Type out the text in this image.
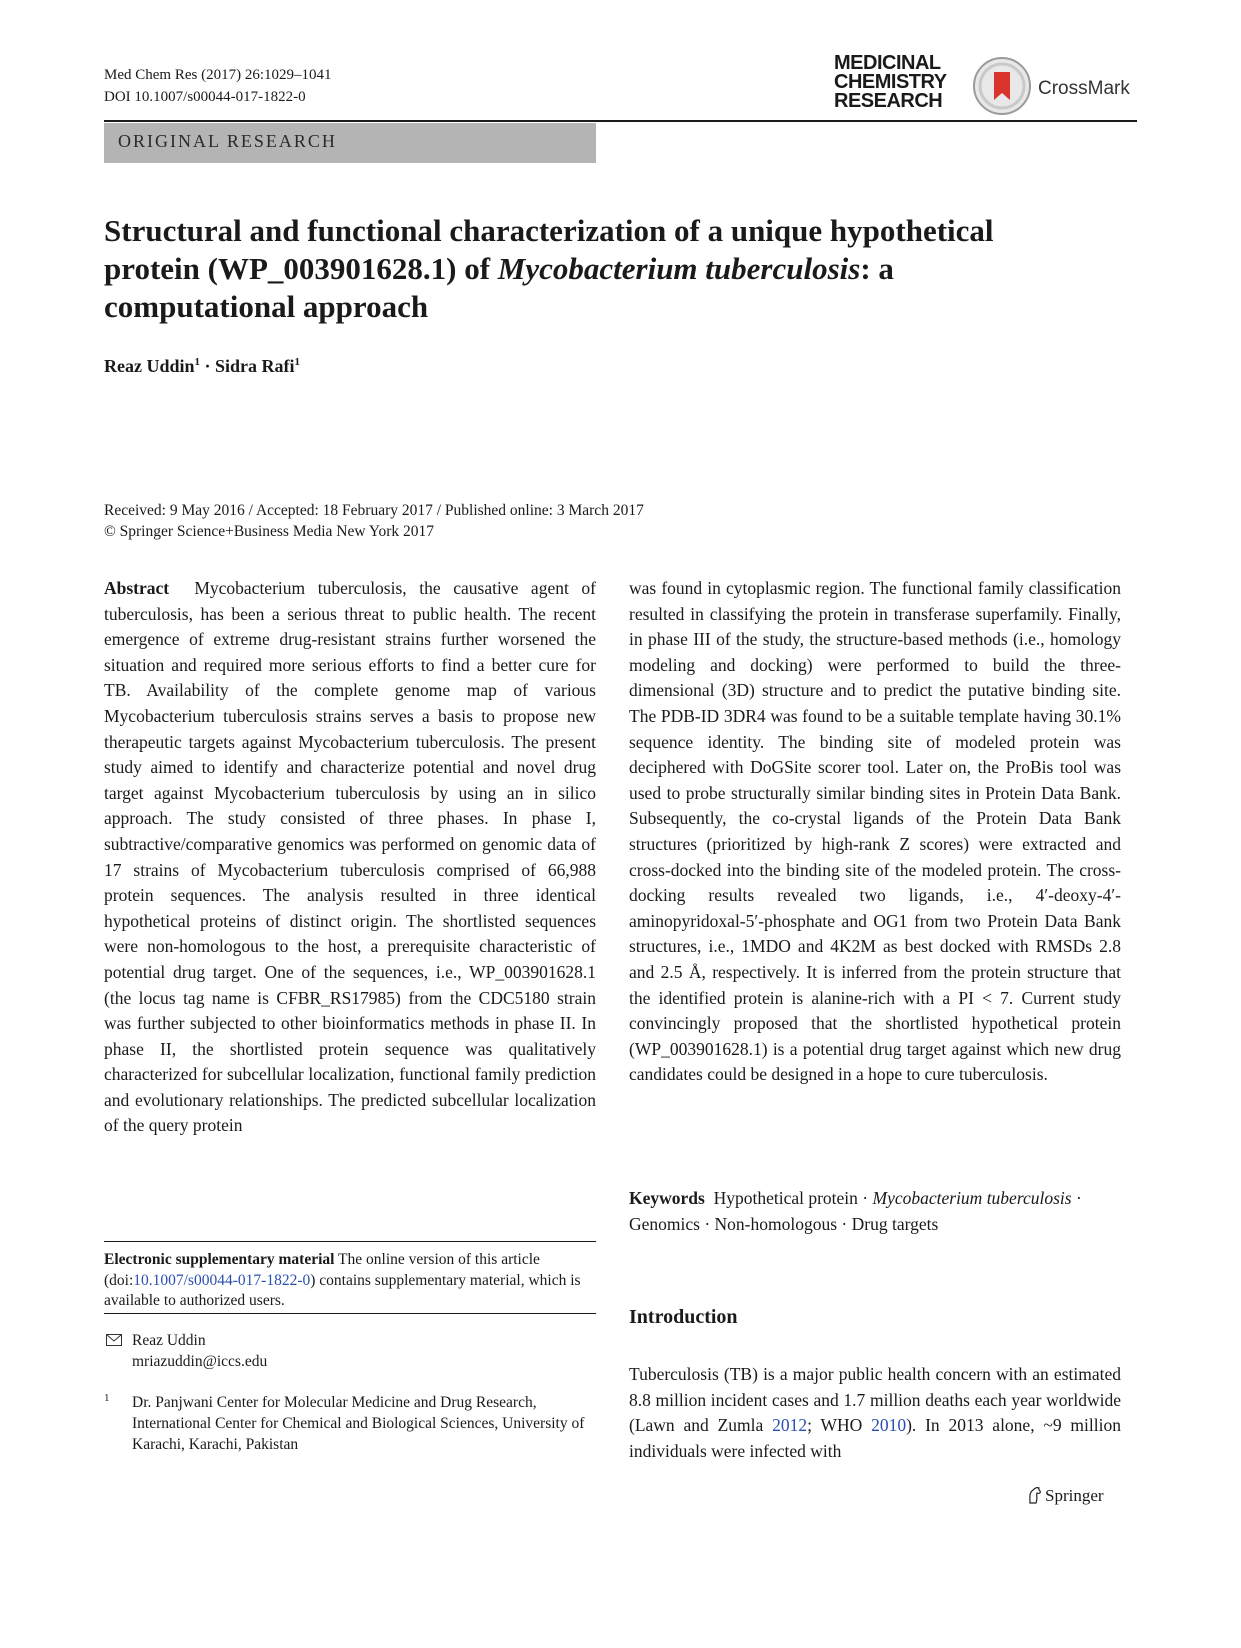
Med Chem Res (2017) 26:1029–1041
DOI 10.1007/s00044-017-1822-0
MEDICINAL
CHEMISTRY
RESEARCH
CrossMark
ORIGINAL RESEARCH
Structural and functional characterization of a unique hypothetical protein (WP_003901628.1) of Mycobacterium tuberculosis: a computational approach
Reaz Uddin$^1$ · Sidra Rafi$^1$
Received: 9 May 2016 / Accepted: 18 February 2017 / Published online: 3 March 2017
© Springer Science+Business Media New York 2017

Abstract Mycobacterium tuberculosis, the causative agent of tuberculosis, has been a serious threat to public health. The recent emergence of extreme drug-resistant strains further worsened the situation and required more serious efforts to find a better cure for TB. Availability of the complete genome map of various Mycobacterium tuberculosis strains serves a basis to propose new therapeutic targets against Mycobacterium tuberculosis. The present study aimed to identify and characterize potential and novel drug target against Mycobacterium tuberculosis by using an in silico approach. The study consisted of three phases. In phase I, subtractive/comparative genomics was performed on genomic data of 17 strains of Mycobacterium tuberculosis comprised of 66,988 protein sequences. The analysis resulted in three identical hypothetical proteins of distinct origin. The shortlisted sequences were non-homologous to the host, a prerequisite characteristic of potential drug target. One of the sequences, i.e., WP_003901628.1 (the locus tag name is CFBR_RS17985) from the CDC5180 strain was further subjected to other bioinformatics methods in phase II. In phase II, the shortlisted protein sequence was qualitatively characterized for subcellular localization, functional family prediction and evolutionary relationships. The predicted subcellular localization of the query protein

was found in cytoplasmic region. The functional family classification resulted in classifying the protein in transferase superfamily. Finally, in phase III of the study, the structure-based methods (i.e., homology modeling and docking) were performed to build the three-dimensional (3D) structure and to predict the putative binding site. The PDB-ID 3DR4 was found to be a suitable template having 30.1% sequence identity. The binding site of modeled protein was deciphered with DoGSite scorer tool. Later on, the ProBis tool was used to probe structurally similar binding sites in Protein Data Bank. Subsequently, the co-crystal ligands of the Protein Data Bank structures (prioritized by high-rank Z scores) were extracted and cross-docked into the binding site of the modeled protein. The cross-docking results revealed two ligands, i.e., 4′-deoxy-4′-aminopyridoxal-5′-phosphate and OG1 from two Protein Data Bank structures, i.e., 1MDO and 4K2M as best docked with RMSDs 2.8 and 2.5 Å, respectively. It is inferred from the protein structure that the identified protein is alanine-rich with a PI < 7. Current study convincingly proposed that the shortlisted hypothetical protein (WP_003901628.1) is a potential drug target against which new drug candidates could be designed in a hope to cure tuberculosis.

Keywords Hypothetical protein · Mycobacterium tuberculosis · Genomics · Non-homologous · Drug targets
Electronic supplementary material The online version of this article (doi:10.1007/s00044-017-1822-0) contains supplementary material, which is available to authorized users.
Reaz Uddin
mriazuddin@iccs.edu
1 Dr. Panjwani Center for Molecular Medicine and Drug Research, International Center for Chemical and Biological Sciences, University of Karachi, Karachi, Pakistan
Introduction

Tuberculosis (TB) is a major public health concern with an estimated 8.8 million incident cases and 1.7 million deaths each year worldwide (Lawn and Zumla 2012; WHO 2010). In 2013 alone, ~9 million individuals were infected with

Springer
